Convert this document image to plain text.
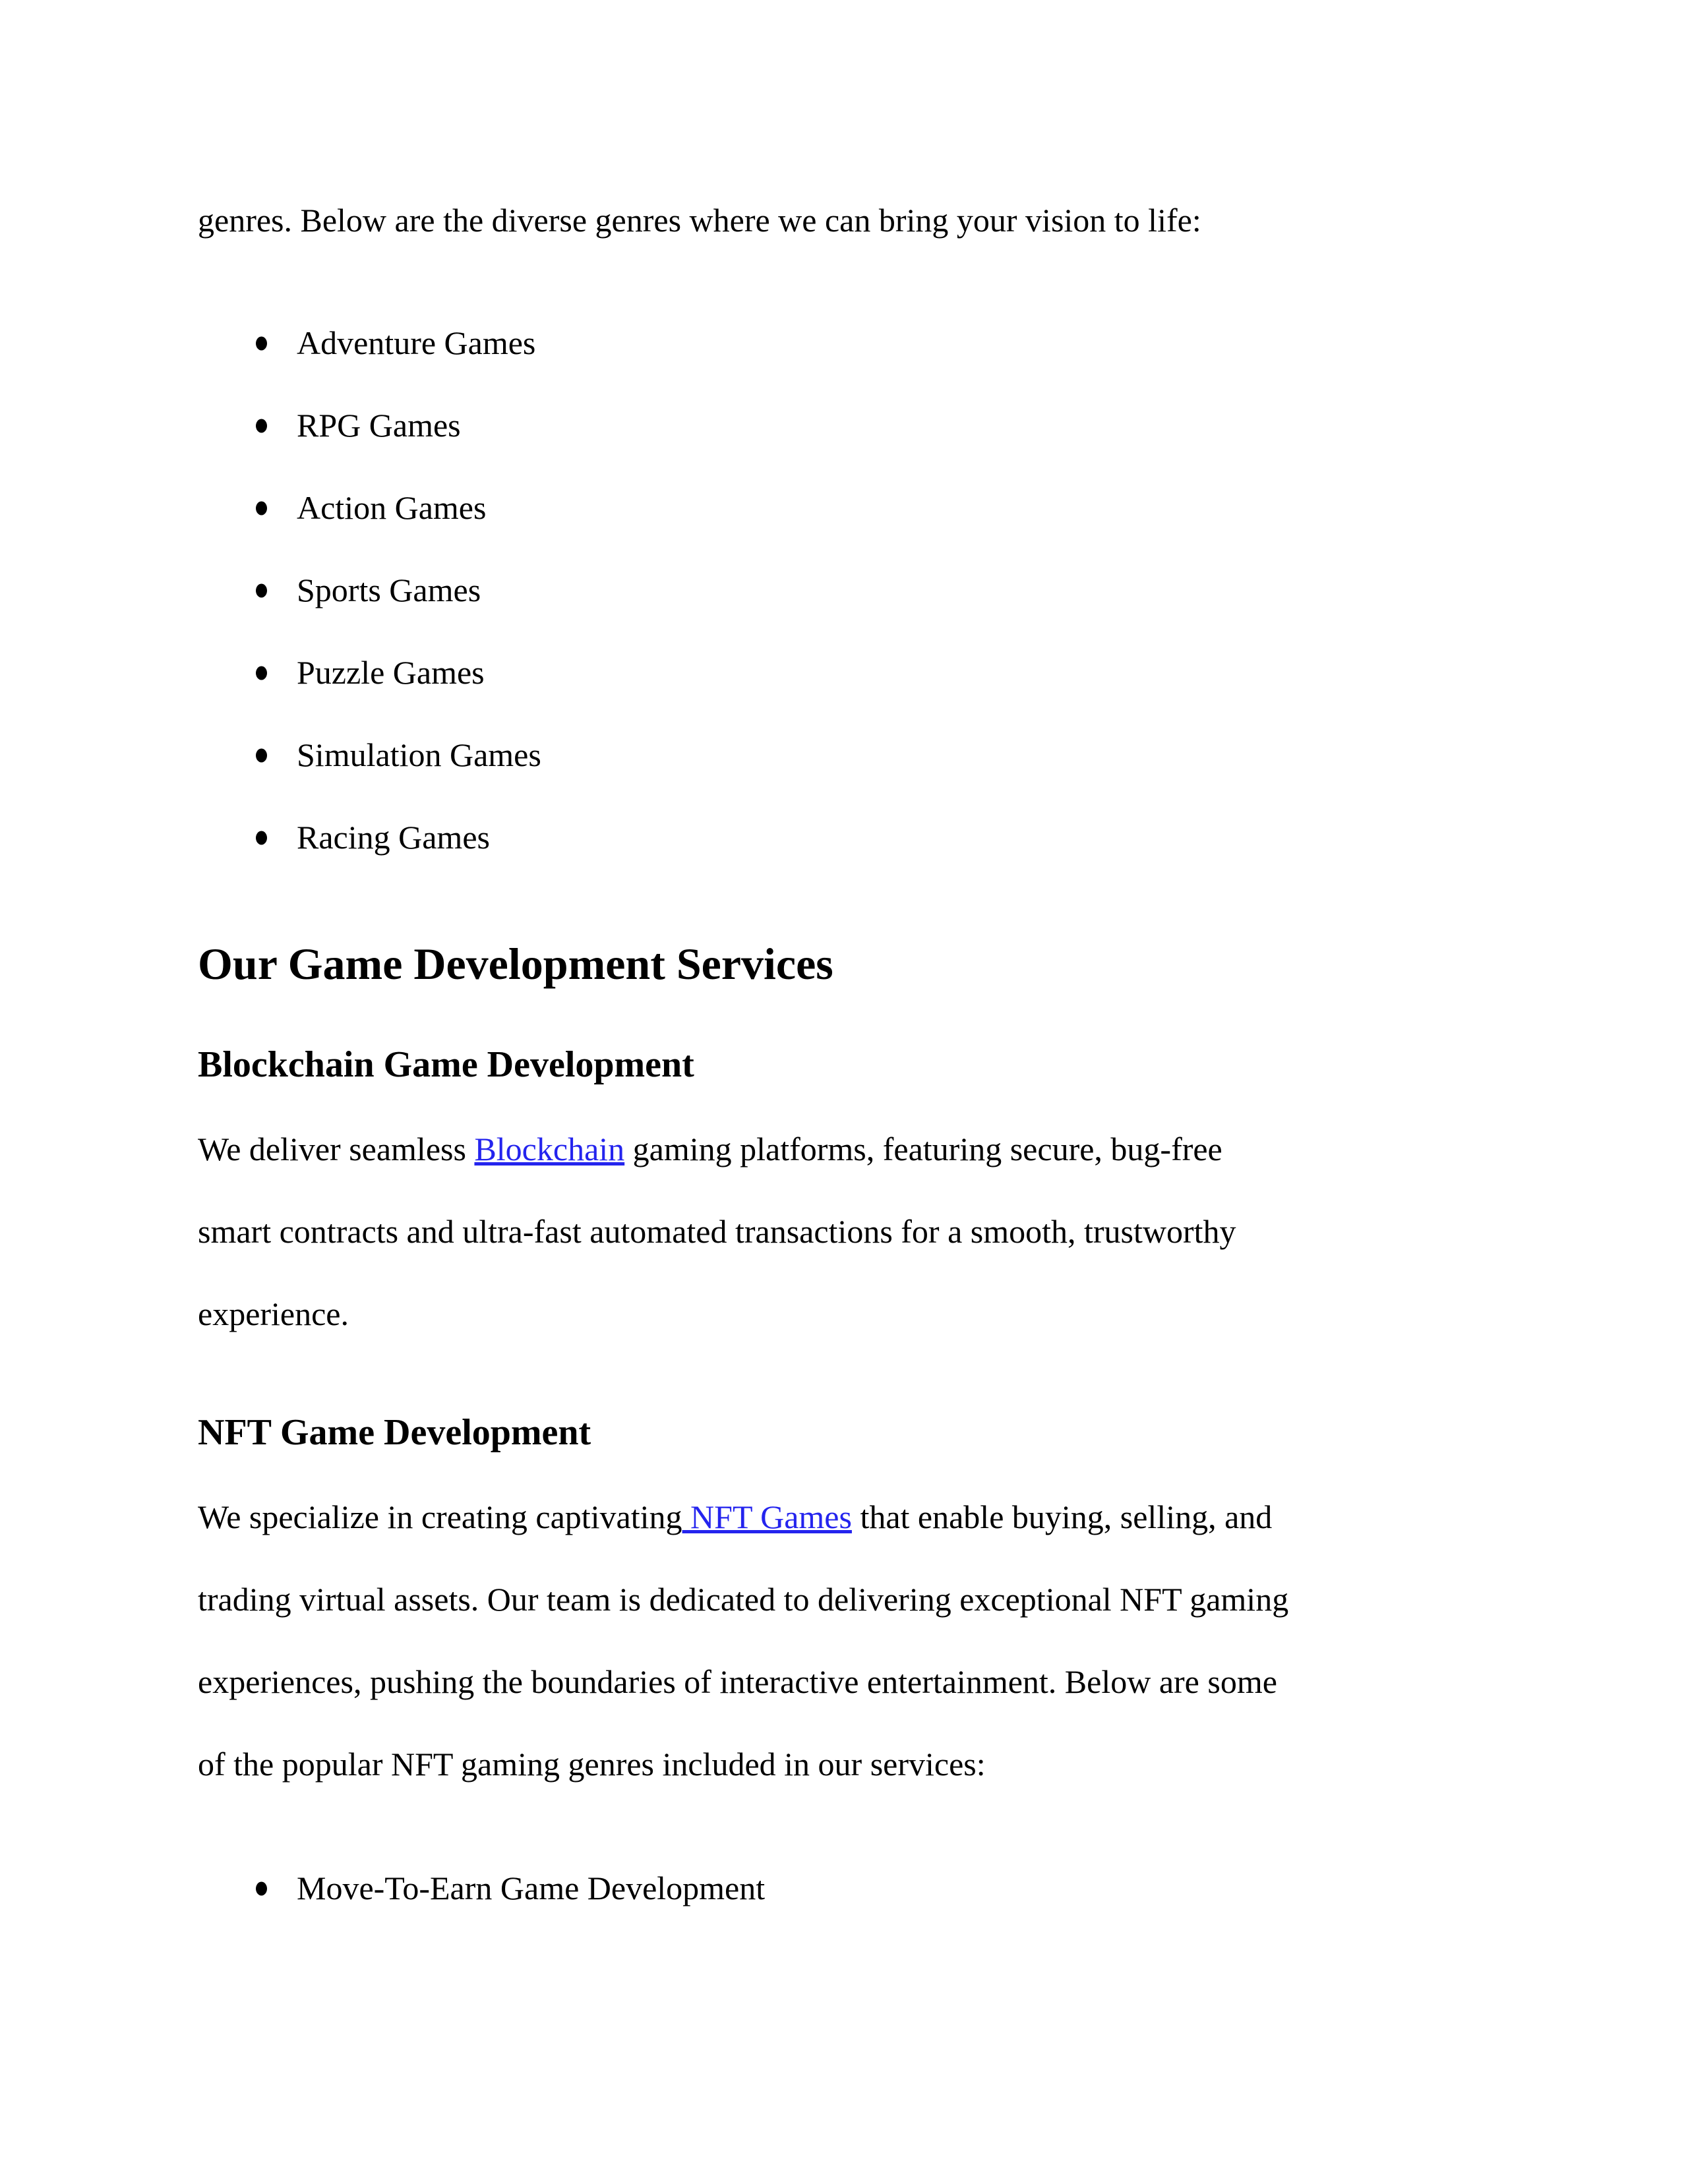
genres. Below are the diverse genres where we can bring your vision to life:
Adventure Games
RPG Games
Action Games
Sports Games
Puzzle Games
Simulation Games
Racing Games
Our Game Development Services
Blockchain Game Development
We deliver seamless Blockchain gaming platforms, featuring secure, bug-free
smart contracts and ultra-fast automated transactions for a smooth, trustworthy
experience.
NFT Game Development
We specialize in creating captivating NFT Games that enable buying, selling, and
trading virtual assets. Our team is dedicated to delivering exceptional NFT gaming
experiences, pushing the boundaries of interactive entertainment. Below are some
of the popular NFT gaming genres included in our services:
Move-To-Earn Game Development
